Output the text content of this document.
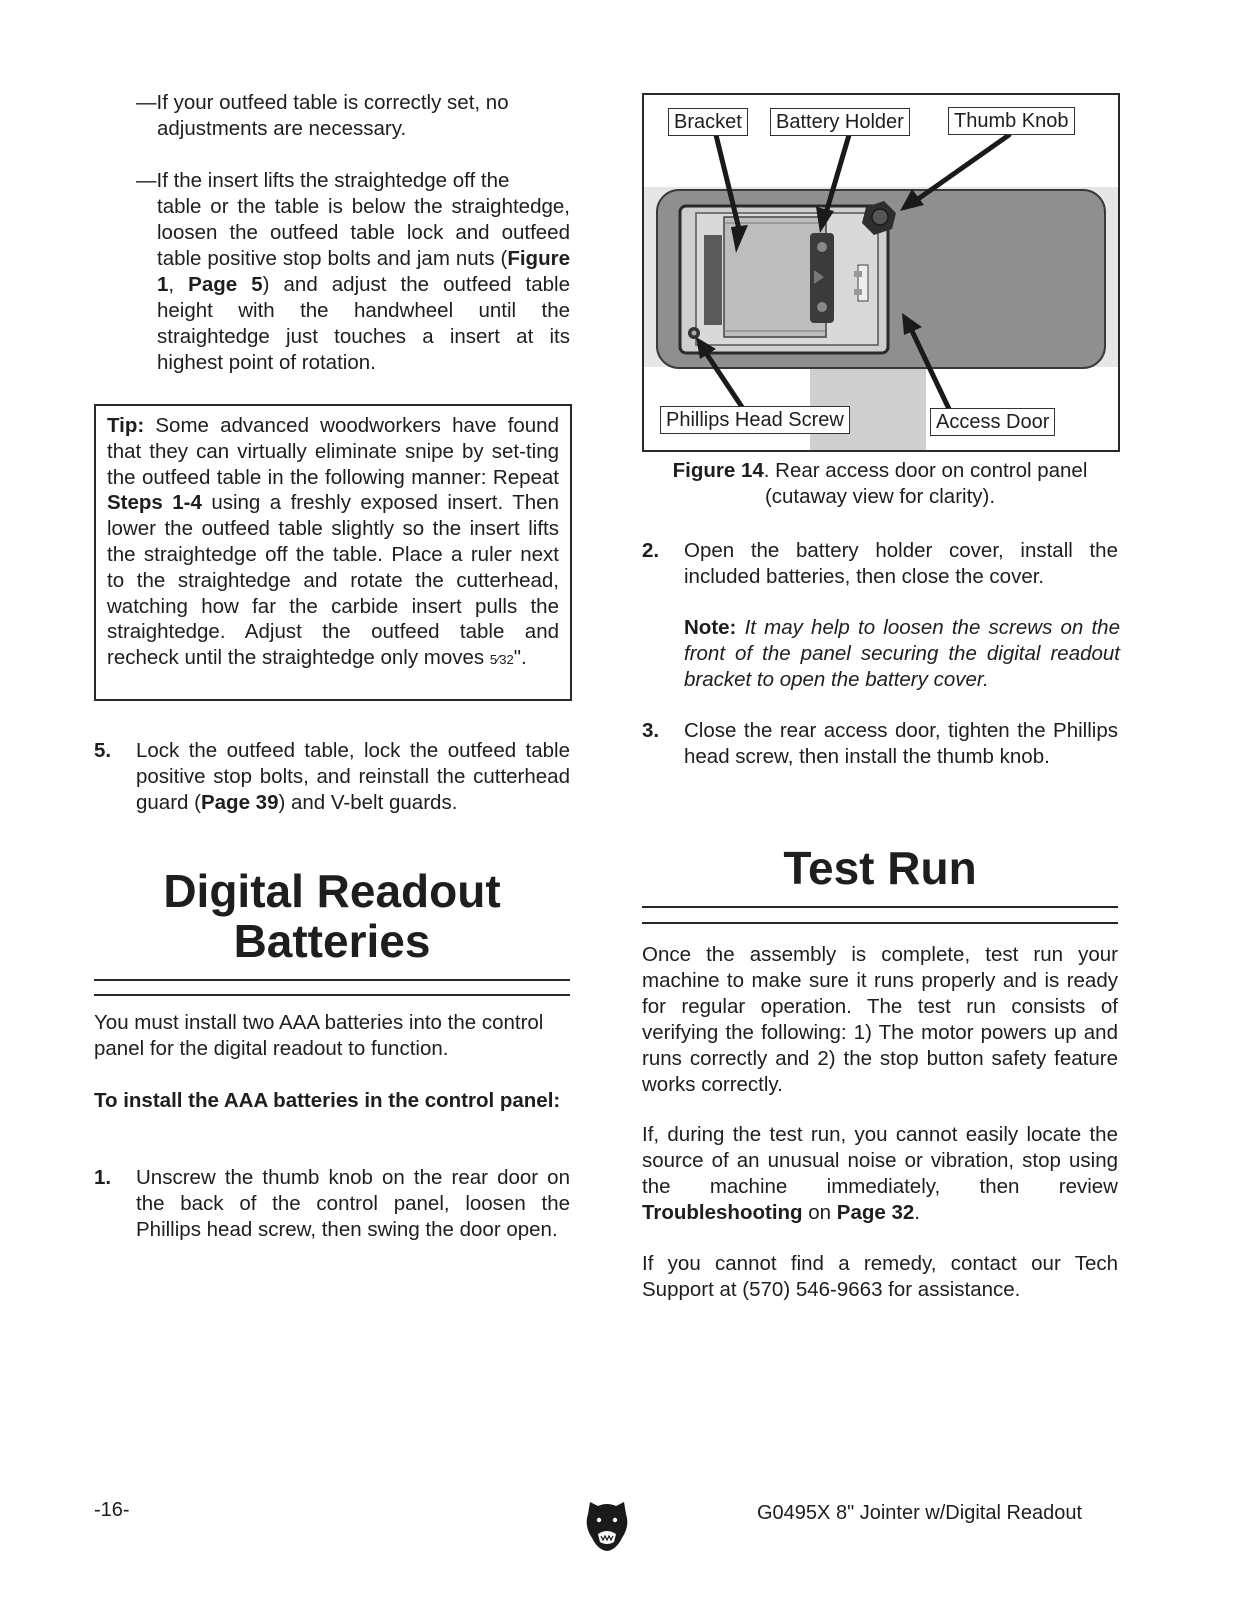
—If your outfeed table is correctly set, no

adjustments are necessary.

—If the insert lifts the straightedge off the

table or the table is below the straightedge, loosen the outfeed table lock and outfeed table positive stop bolts and jam nuts (Figure 1, Page 5) and adjust the outfeed table height with the handwheel until the straightedge just touches a insert at its highest point of rotation.

Tip: Some advanced woodworkers have found that they can virtually eliminate snipe by set-ting the outfeed table in the following manner: Repeat Steps 1-4 using a freshly exposed insert. Then lower the outfeed table slightly so the insert lifts the straightedge off the table. Place a ruler next to the straightedge and rotate the cutterhead, watching how far the carbide insert pulls the straightedge. Adjust the outfeed table and recheck until the straightedge only moves 5⁄32".
5. Lock the outfeed table, lock the outfeed table positive stop bolts, and reinstall the cutterhead guard (Page 39) and V-belt guards.

Digital Readout
Batteries

You must install two AAA batteries into the control panel for the digital readout to function.

To install the AAA batteries in the control panel:

1. Unscrew the thumb knob on the rear door on the back of the control panel, loosen the Phillips head screw, then swing the door open.

Bracket	Battery Holder	Thumb Knob
Phillips Head Screw	Access Door
Figure 14. Rear access door on control panel
(cutaway view for clarity).
2. Open the battery holder cover, install the included batteries, then close the cover.

Note: It may help to loosen the screws on the front of the panel securing the digital readout bracket to open the battery cover.

3. Close the rear access door, tighten the Phillips head screw, then install the thumb knob.

Test Run

Once the assembly is complete, test run your machine to make sure it runs properly and is ready for regular operation. The test run consists of verifying the following: 1) The motor powers up and runs correctly and 2) the stop button safety feature works correctly.

If, during the test run, you cannot easily locate the source of an unusual noise or vibration, stop using the machine immediately, then review Troubleshooting on Page 32.

If you cannot find a remedy, contact our Tech Support at (570) 546-9663 for assistance.

-16-	G0495X 8" Jointer w/Digital Readout
